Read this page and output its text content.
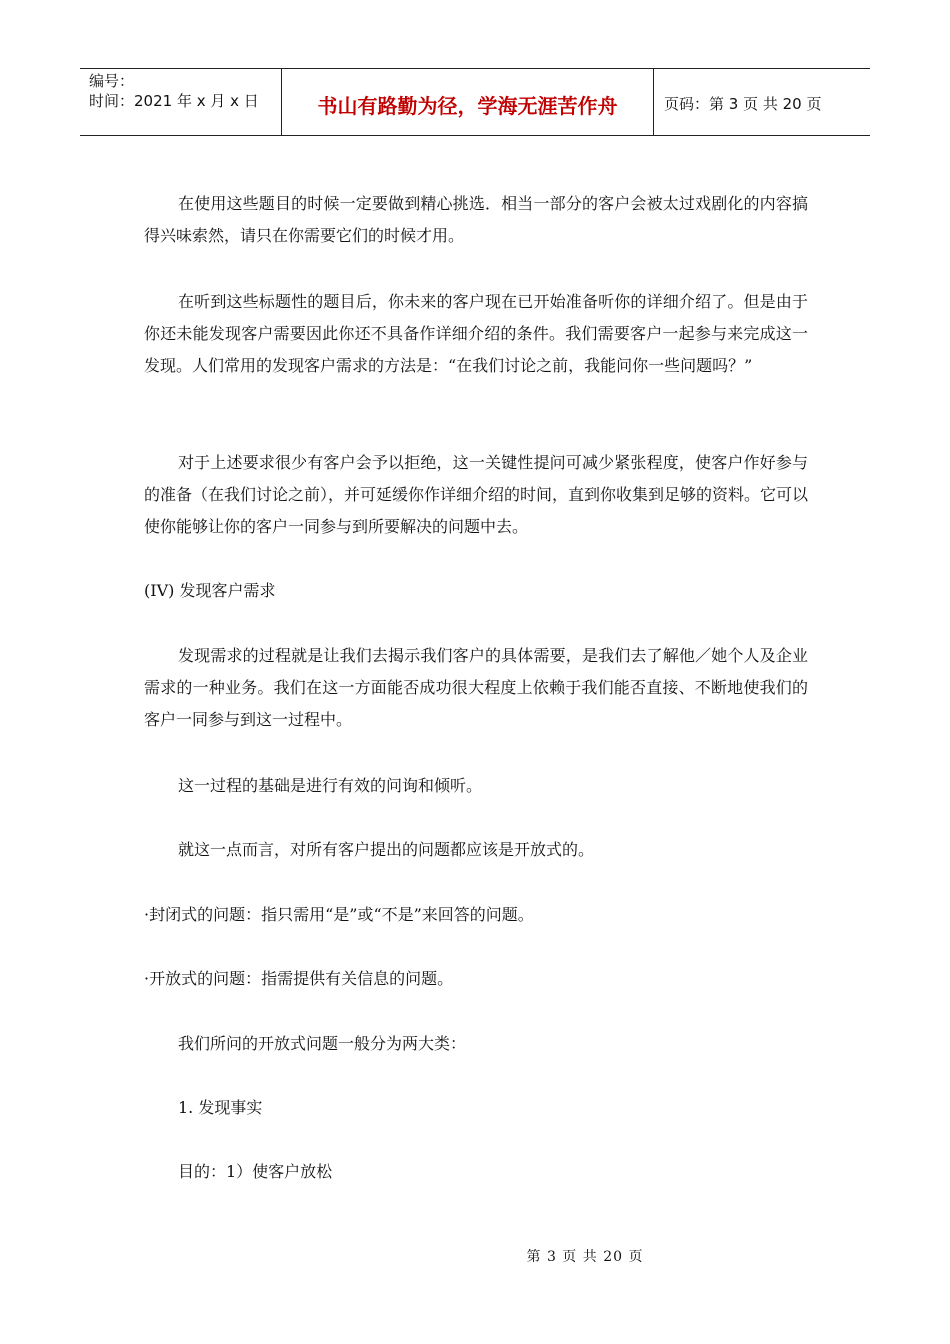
编号：
时间：2021 年 x 月 x 日	书山有路勤为径，学海无涯苦作舟	页码：第 3 页 共 20 页

在使用这些题目的时候一定要做到精心挑选．相当一部分的客户会被太过戏剧化的内容搞得兴味索然，请只在你需要它们的时候才用。

在听到这些标题性的题目后，你未来的客户现在已开始准备听你的详细介绍了。但是由于你还未能发现客户需要因此你还不具备作详细介绍的条件。我们需要客户一起参与来完成这一发现。人们常用的发现客户需求的方法是：“在我们讨论之前，我能问你一些问题吗？”

对于上述要求很少有客户会予以拒绝，这一关键性提问可减少紧张程度，使客户作好参与的准备（在我们讨论之前），并可延缓你作详细介绍的时间，直到你收集到足够的资料。它可以使你能够让你的客户一同参与到所要解决的问题中去。

(IV) 发现客户需求

发现需求的过程就是让我们去揭示我们客户的具体需要，是我们去了解他／她个人及企业需求的一种业务。我们在这一方面能否成功很大程度上依赖于我们能否直接、不断地使我们的客户一同参与到这一过程中。

这一过程的基础是进行有效的问询和倾听。

就这一点而言，对所有客户提出的问题都应该是开放式的。

·封闭式的问题：指只需用“是”或“不是”来回答的问题。

·开放式的问题：指需提供有关信息的问题。

我们所问的开放式问题一般分为两大类：

1. 发现事实

目的：1）使客户放松

第 3 页 共 20 页
